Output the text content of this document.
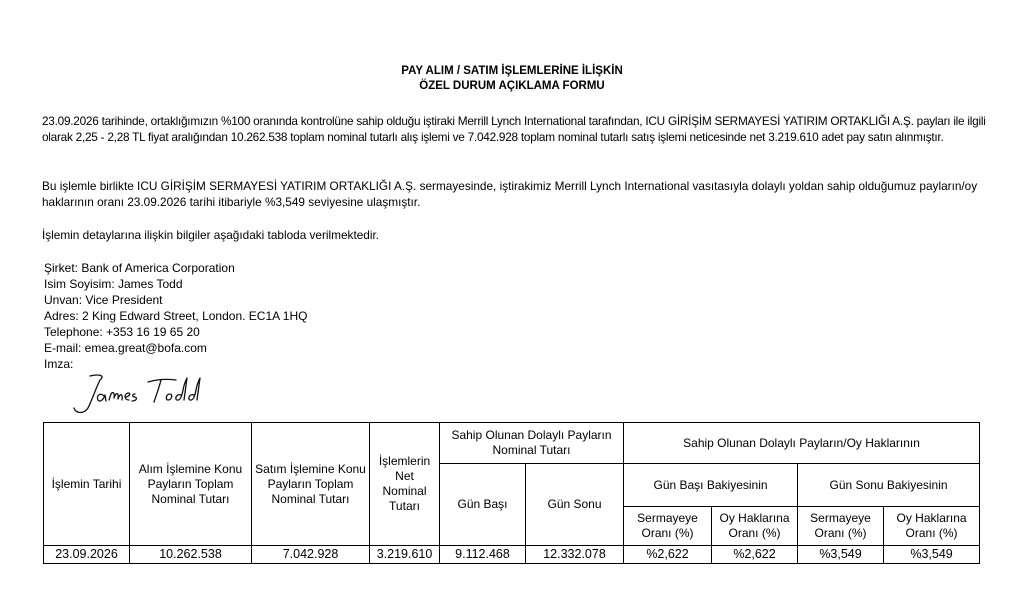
PAY ALIM / SATIM İŞLEMLERİNE İLİŞKİN
ÖZEL DURUM AÇIKLAMA FORMU
23.09.2026 tarihinde, ortaklığımızın %100 oranında kontrolüne sahip olduğu iştiraki Merrill Lynch International tarafından, ICU GİRİŞİM SERMAYESİ YATIRIM ORTAKLIĞI A.Ş. payları ile ilgili olarak 2,25 - 2,28 TL fiyat aralığından 10.262.538 toplam nominal tutarlı alış işlemi ve 7.042.928 toplam nominal tutarlı satış işlemi neticesinde net 3.219.610 adet pay satın alınmıştır.
Bu işlemle birlikte ICU GİRİŞİM SERMAYESİ YATIRIM ORTAKLIĞI A.Ş. sermayesinde, iştirakimiz Merrill Lynch International vasıtasıyla dolaylı yoldan sahip olduğumuz payların/oy haklarının oranı 23.09.2026 tarihi itibariyle %3,549 seviyesine ulaşmıştır.
İşlemin detaylarına ilişkin bilgiler aşağıdaki tabloda verilmektedir.
Şirket: Bank of America Corporation
Isim Soyisim: James Todd
Unvan: Vice President
Adres: 2 King Edward Street, London. EC1A 1HQ
Telephone: +353 16 19 65 20
E-mail: emea.great@bofa.com
Imza:
İşlemin Tarihi	Alım İşlemine Konu Payların Toplam Nominal Tutarı	Satım İşlemine Konu Payların Toplam Nominal Tutarı	İşlemlerin Net Nominal Tutarı	Sahip Olunan Dolaylı Payların Nominal Tutarı		Sahip Olunan Dolaylı Payların/Oy Haklarının			
				Gün Başı	Gün Sonu	Gün Başı Bakiyesinin		Gün Sonu Bakiyesinin	
						Sermayeye Oranı (%)	Oy Haklarına Oranı (%)	Sermayeye Oranı (%)	Oy Haklarına Oranı (%)
23.09.2026	10.262.538	7.042.928	3.219.610	9.112.468	12.332.078	%2,622	%2,622	%3,549	%3,549
